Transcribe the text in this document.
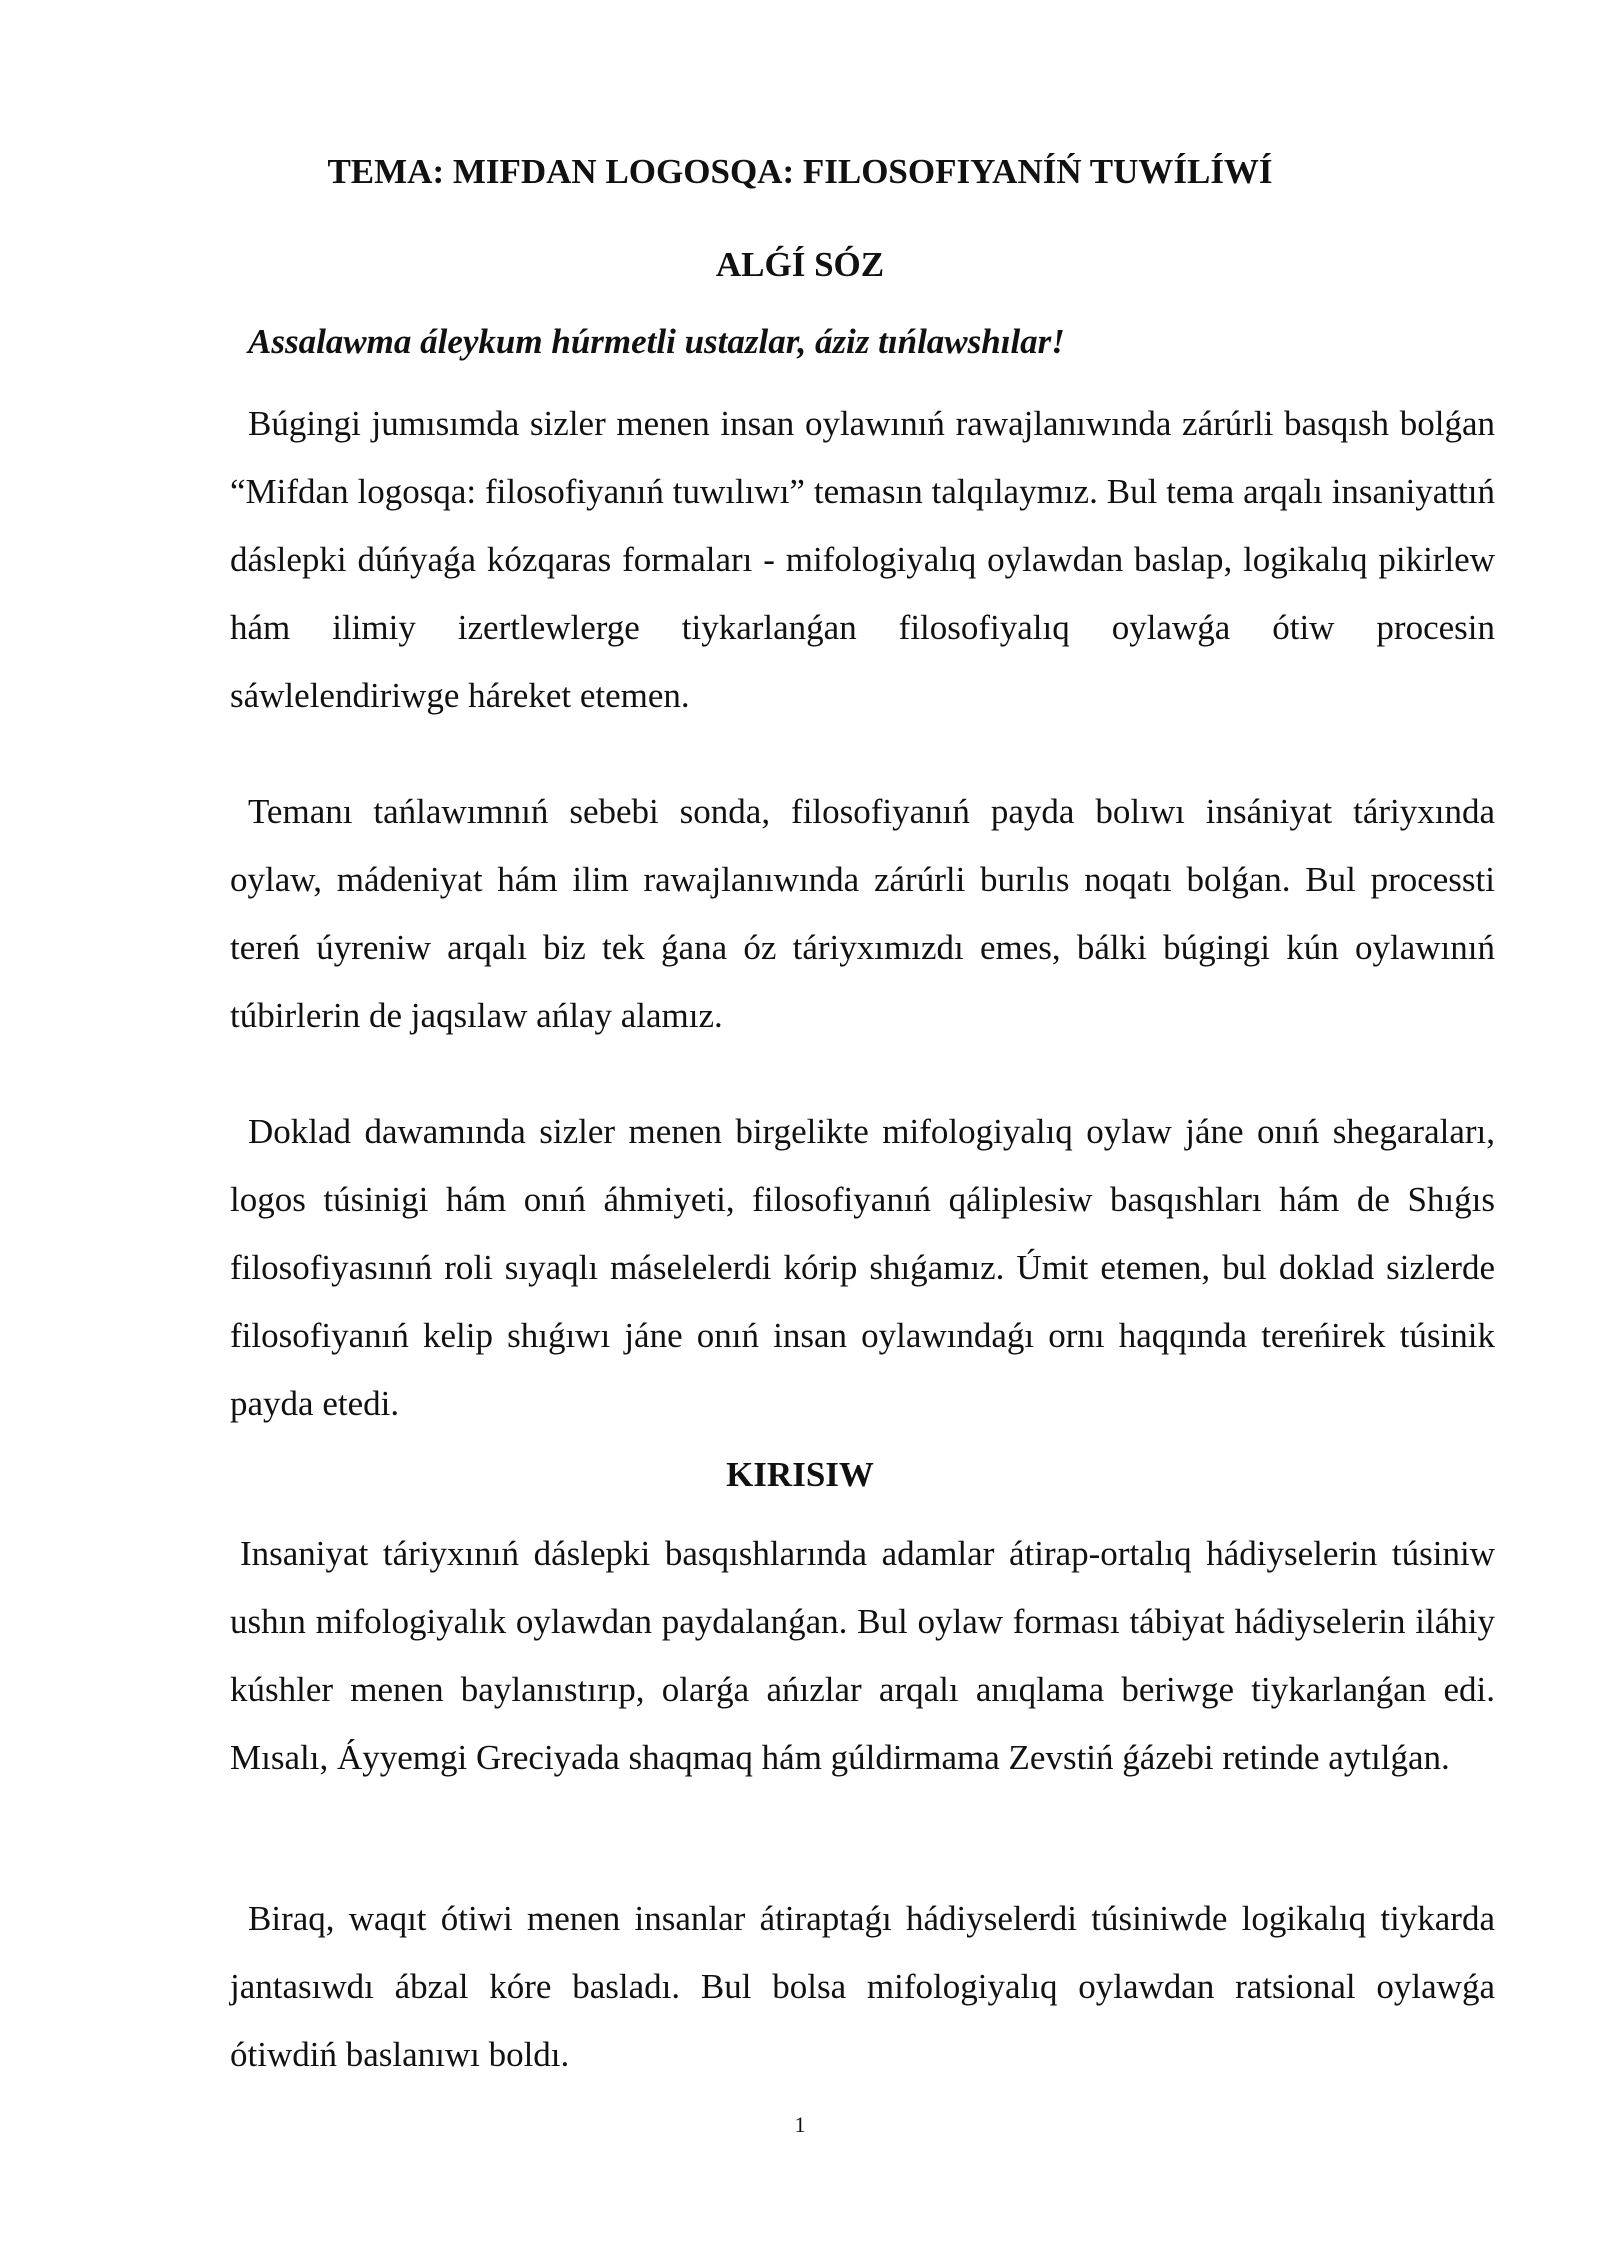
TEMA: MIFDAN LOGOSQA: FILOSOFIYANÍŃ TUWÍLÍWÍ
ALǴÍ SÓZ
Assalawma áleykum húrmetli ustazlar, áziz tıńlawshılar!

Búgingi jumısımda sizler menen insan oylawınıń rawajlanıwında zárúrli basqısh bolǵan “Mifdan logosqa: filosofiyanıń tuwılıwı” temasın talqılaymız. Bul tema arqalı insaniyattıń dáslepki dúńyaǵa kózqaras formaları - mifologiyalıq oylawdan baslap, logikalıq pikirlew hám ilimiy izertlewlerge tiykarlanǵan filosofiyalıq oylawǵa ótiw procesin sáwlelendiriwge háreket etemen.

Temanı tańlawımnıń sebebi sonda, filosofiyanıń payda bolıwı insániyat táriyxında oylaw, mádeniyat hám ilim rawajlanıwında zárúrli burılıs noqatı bolǵan. Bul processti tereń úyreniw arqalı biz tek ǵana óz táriyxımızdı emes, bálki búgingi kún oylawınıń túbirlerin de jaqsılaw ańlay alamız.

Doklad dawamında sizler menen birgelikte mifologiyalıq oylaw jáne onıń shegaraları, logos túsinigi hám onıń áhmiyeti, filosofiyanıń qáliplesiw basqıshları hám de Shıǵıs filosofiyasınıń roli sıyaqlı máselelerdi kórip shıǵamız. Úmit etemen, bul doklad sizlerde filosofiyanıń kelip shıǵıwı jáne onıń insan oylawındaǵı ornı haqqında tereńirek túsinik payda etedi.

KIRISIW

Insaniyat táriyxınıń dáslepki basqıshlarında adamlar átirap-ortalıq hádiyselerin túsiniw ushın mifologiyalık oylawdan paydalanǵan. Bul oylaw forması tábiyat hádiyselerin iláhiy kúshler menen baylanıstırıp, olarǵa ańızlar arqalı anıqlama beriwge tiykarlanǵan edi. Mısalı, Áyyemgi Greciyada shaqmaq hám gúldirmama Zevstiń ǵázebi retinde aytılǵan.

Biraq, waqıt ótiwi menen insanlar átiraptaǵı hádiyselerdi túsiniwde logikalıq tiykarda jantasıwdı ábzal kóre basladı. Bul bolsa mifologiyalıq oylawdan ratsional oylawǵa ótiwdiń baslanıwı boldı.

1
